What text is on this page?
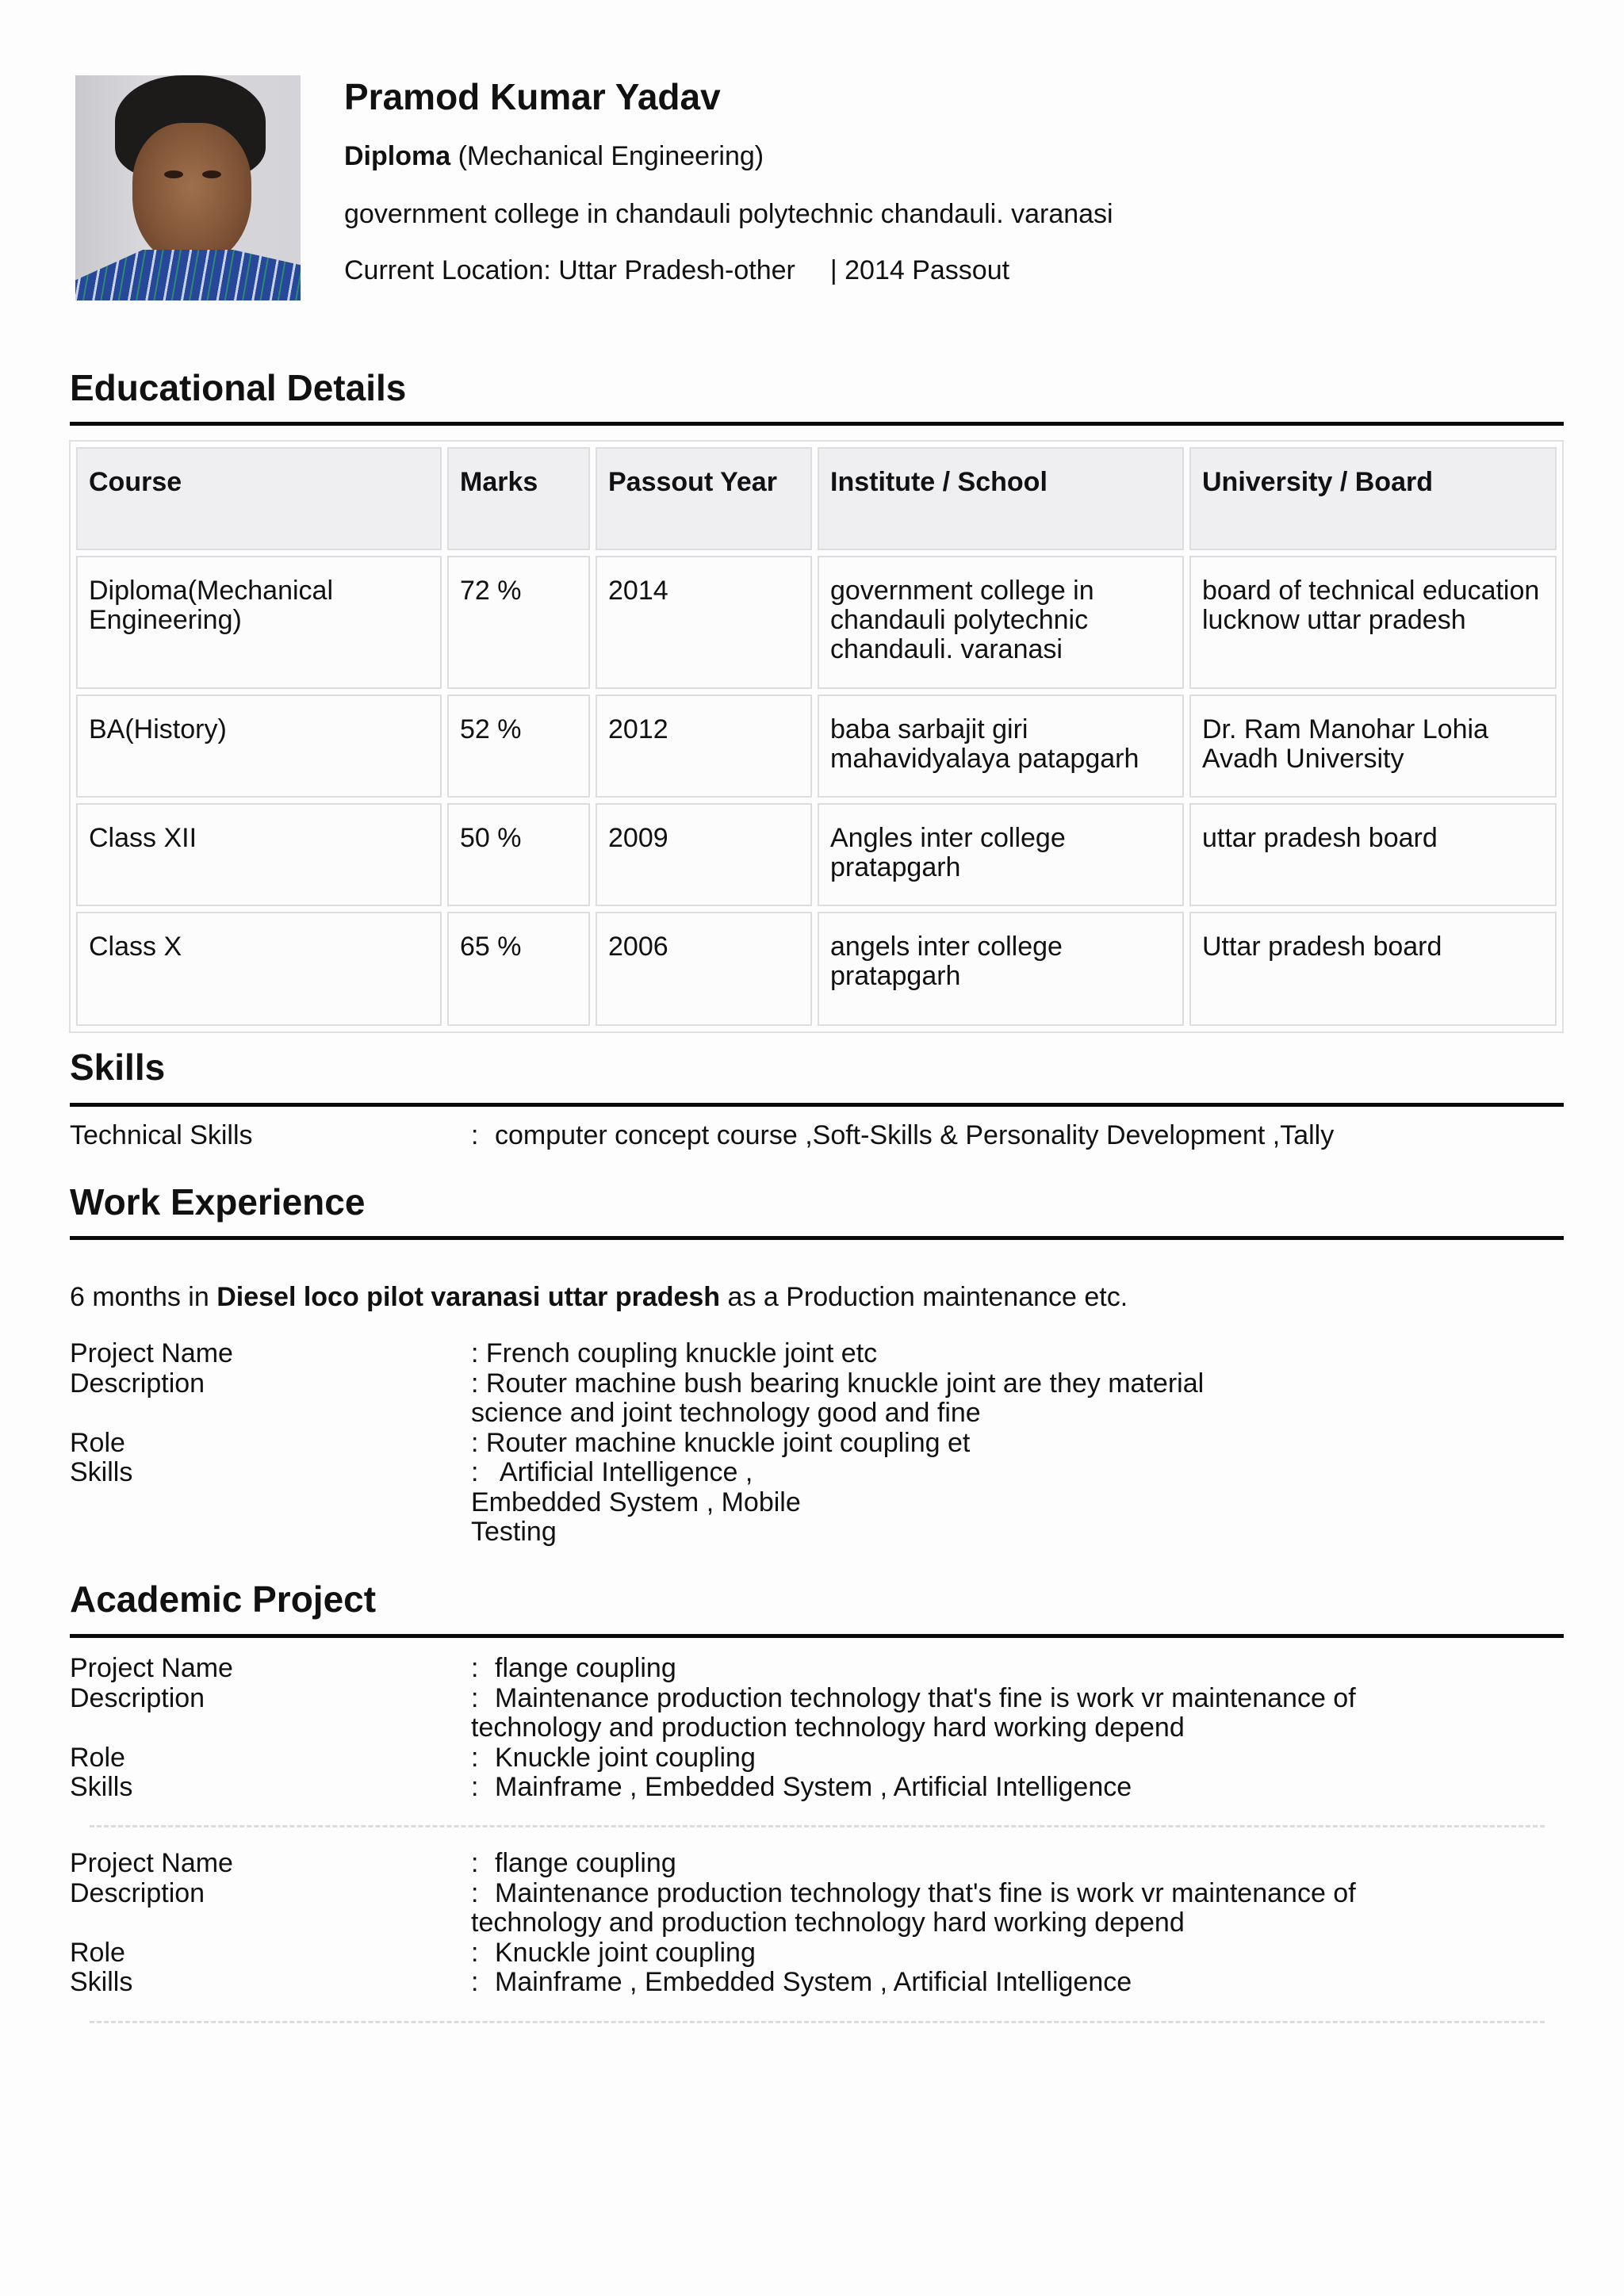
Pramod Kumar Yadav
Diploma (Mechanical Engineering)
government college in chandauli polytechnic chandauli. varanasi
Current Location: Uttar Pradesh-other | 2014 Passout
Educational Details
Course	Marks	Passout Year	Institute / School	University / Board
Diploma(Mechanical Engineering)	72 %	2014	government college in chandauli polytechnic chandauli. varanasi	board of technical education lucknow uttar pradesh
BA(History)	52 %	2012	baba sarbajit giri mahavidyalaya patapgarh	Dr. Ram Manohar Lohia Avadh University
Class XII	50 %	2009	Angles inter college pratapgarh	uttar pradesh board
Class X	65 %	2006	angels inter college pratapgarh	Uttar pradesh board
Skills
Technical Skills	: computer concept course ,Soft-Skills & Personality Development ,Tally
Work Experience
6 months in Diesel loco pilot varanasi uttar pradesh as a Production maintenance etc.
Project Name	: French coupling knuckle joint etc
Description	: Router machine bush bearing knuckle joint are they material science and joint technology good and fine
Role	: Router machine knuckle joint coupling et
Skills	:   Artificial Intelligence ,
Embedded System , Mobile
Testing
Academic Project
Project Name	: flange coupling
Description	: Maintenance production technology that's fine is work vr maintenance of
technology and production technology hard working depend
Role	: Knuckle joint coupling
Skills	: Mainframe , Embedded System , Artificial Intelligence
Project Name	: flange coupling
Description	: Maintenance production technology that's fine is work vr maintenance of
technology and production technology hard working depend
Role	: Knuckle joint coupling
Skills	: Mainframe , Embedded System , Artificial Intelligence
